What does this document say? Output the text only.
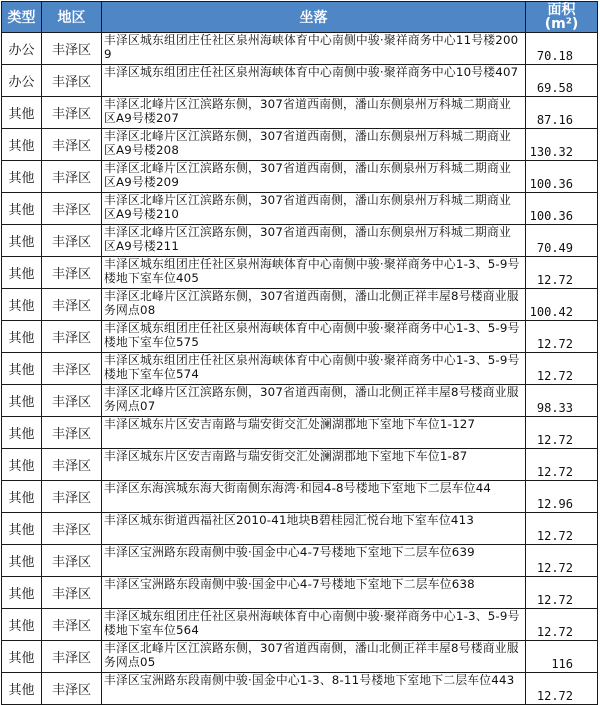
类型	地区	坐落	面积
(m²)
办公	丰泽区	丰泽区城东组团庄任社区泉州海峡体育中心南侧中骏·聚祥商务中心11号楼2009	70.18
办公	丰泽区	丰泽区城东组团庄任社区泉州海峡体育中心南侧中骏·聚祥商务中心10号楼407	69.58
其他	丰泽区	丰泽区北峰片区江滨路东侧，307省道西南侧，潘山东侧泉州万科城二期商业区A9号楼207	87.16
其他	丰泽区	丰泽区北峰片区江滨路东侧，307省道西南侧，潘山东侧泉州万科城二期商业区A9号楼208	130.32
其他	丰泽区	丰泽区北峰片区江滨路东侧，307省道西南侧，潘山东侧泉州万科城二期商业区A9号楼209	100.36
其他	丰泽区	丰泽区北峰片区江滨路东侧，307省道西南侧，潘山东侧泉州万科城二期商业区A9号楼210	100.36
其他	丰泽区	丰泽区北峰片区江滨路东侧，307省道西南侧，潘山东侧泉州万科城二期商业区A9号楼211	70.49
其他	丰泽区	丰泽区城东组团庄任社区泉州海峡体育中心南侧中骏·聚祥商务中心1-3、5-9号楼地下室车位405	12.72
其他	丰泽区	丰泽区北峰片区江滨路东侧，307省道西南侧，潘山北侧正祥丰屋8号楼商业服务网点08	100.42
其他	丰泽区	丰泽区城东组团庄任社区泉州海峡体育中心南侧中骏·聚祥商务中心1-3、5-9号楼地下室车位575	12.72
其他	丰泽区	丰泽区城东组团庄任社区泉州海峡体育中心南侧中骏·聚祥商务中心1-3、5-9号楼地下室车位574	12.72
其他	丰泽区	丰泽区北峰片区江滨路东侧，307省道西南侧，潘山北侧正祥丰屋8号楼商业服务网点07	98.33
其他	丰泽区	丰泽区城东片区安吉南路与瑞安街交汇处澜湖郡地下室地下车位1-127	12.72
其他	丰泽区	丰泽区城东片区安吉南路与瑞安街交汇处澜湖郡地下室地下车位1-87	12.72
其他	丰泽区	丰泽区东海滨城东海大街南侧东海湾·和园4-8号楼地下室地下二层车位44	12.96
其他	丰泽区	丰泽区城东街道西福社区2010-41地块B碧桂园汇悦台地下室车位413	12.72
其他	丰泽区	丰泽区宝洲路东段南侧中骏·国金中心4-7号楼地下室地下二层车位639	12.72
其他	丰泽区	丰泽区宝洲路东段南侧中骏·国金中心4-7号楼地下室地下二层车位638	12.72
其他	丰泽区	丰泽区城东组团庄任社区泉州海峡体育中心南侧中骏·聚祥商务中心1-3、5-9号楼地下室车位564	12.72
其他	丰泽区	丰泽区北峰片区江滨路东侧，307省道西南侧，潘山北侧正祥丰屋8号楼商业服务网点05	116
其他	丰泽区	丰泽区宝洲路东段南侧中骏·国金中心1-3、8-11号楼地下室地下二层车位443	12.72
